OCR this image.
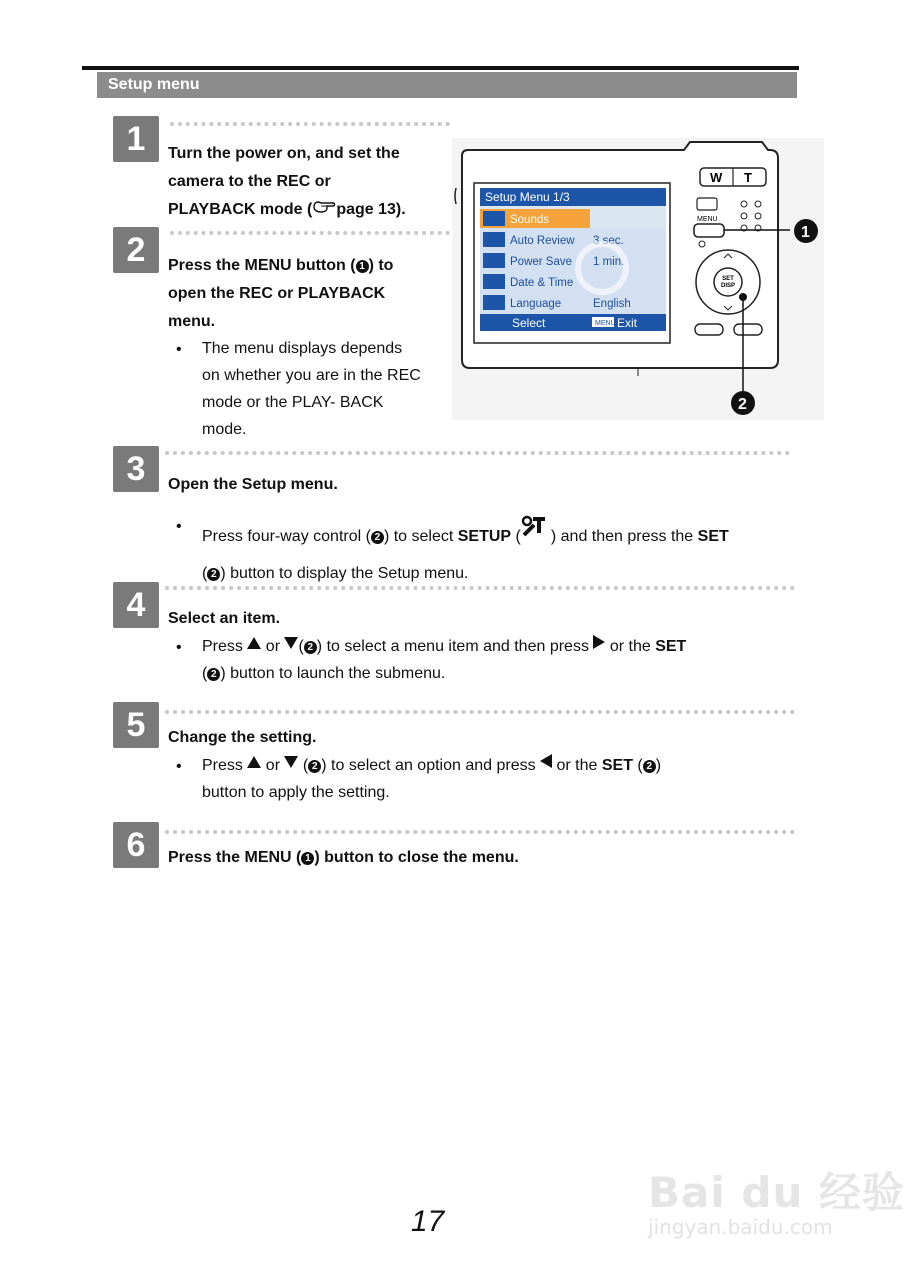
Setup menu
1	Turn the power on, and set the
camera to the REC or
PLAYBACK mode ( page 13).
2	Press the MENU button ( 1 ) to
open the REC or PLAYBACK
menu.
• The menu displays depends
on whether you are in the REC
mode or the PLAY- BACK
mode.
W T
Setup Menu 1/3
Sounds
Auto Review 3 sec.
Power Save 1 min.
Date & Time
Language	English
Select	MENU Exit
MENU
1
SET
DISP
2
3	Open the Setup menu.
•
Press four-way control ( 2 ) to select SETUP ( ) and then press the SET
( 2 ) button to display the Setup menu.
4	Select an item.
• Press  or ( 2 ) to select a menu item and then press  or the SET
( 2 ) button to launch the submenu.
5	Change the setting.
• Press  or  ( 2 ) to select an option and press  or the SET ( 2 )
button to apply the setting.
6	Press the MENU ( 1 ) button to close the menu.
17
Bai du 经验
jingyan.baidu.com
